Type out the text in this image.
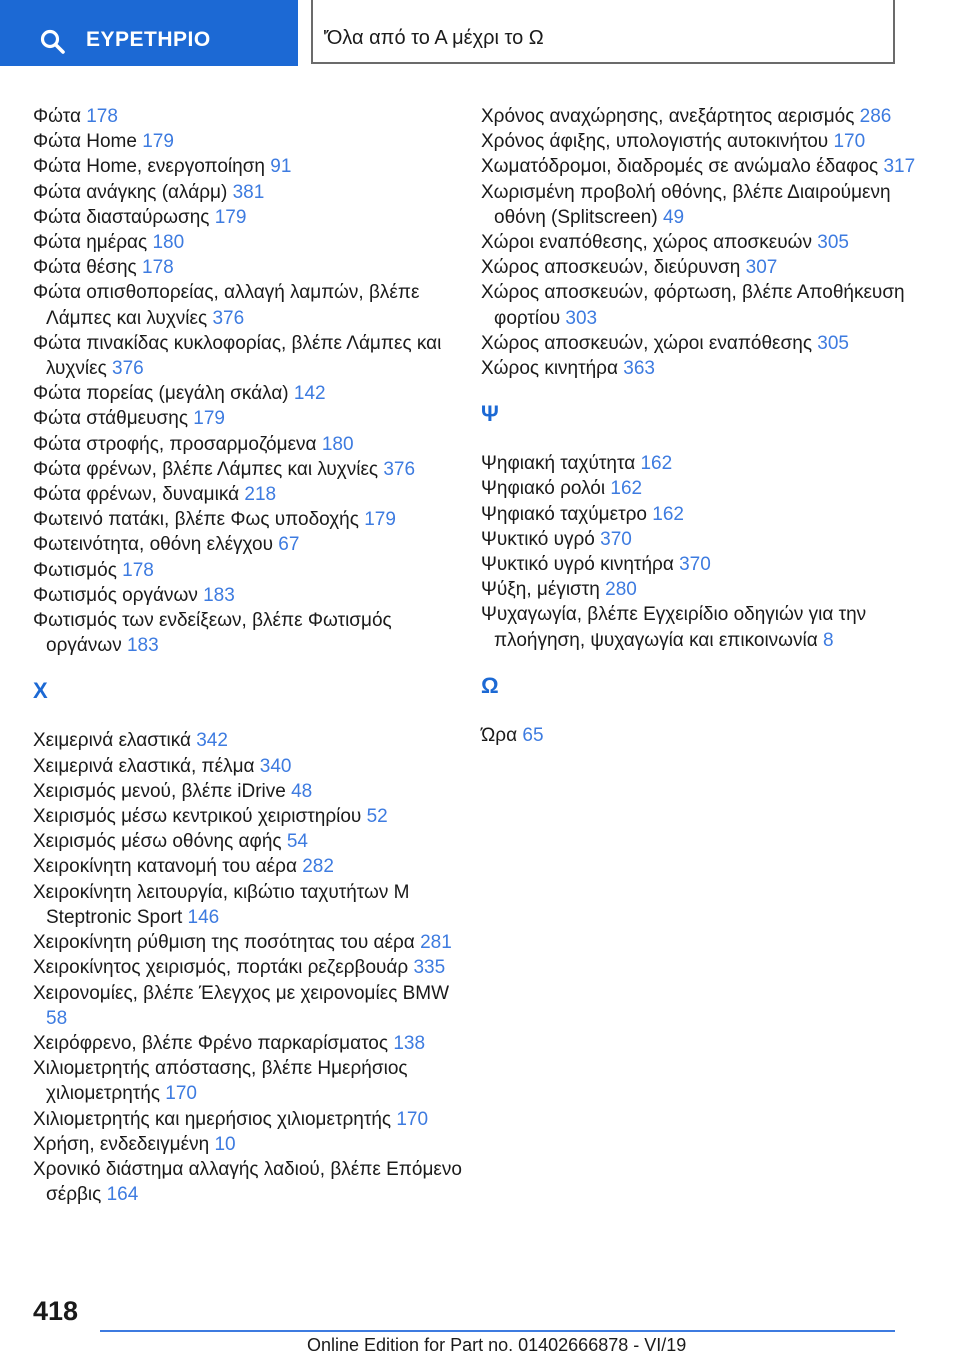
ΕΥΡΕΤΗΡΙΟ	'Όλα από το Α μέχρι το Ω

Φώτα 178

Φώτα Home 179

Φώτα Home, ενεργοποίηση 91

Φώτα ανάγκης (αλάρμ) 381

Φώτα διασταύρωσης 179

Φώτα ημέρας 180

Φώτα θέσης 178

Φώτα οπισθοπορείας, αλλαγή λαμπών, βλέπε Λάμπες και λυχνίες 376

Φώτα πινακίδας κυκλοφορίας, βλέπε Λάμπες και λυχνίες 376

Φώτα πορείας (μεγάλη σκάλα) 142

Φώτα στάθμευσης 179

Φώτα στροφής, προσαρμοζόμενα 180

Φώτα φρένων, βλέπε Λάμπες και λυχνίες 376

Φώτα φρένων, δυναμικά 218

Φωτεινό πατάκι, βλέπε Φως υποδοχής 179

Φωτεινότητα, οθόνη ελέγχου 67

Φωτισμός 178

Φωτισμός οργάνων 183

Φωτισμός των ενδείξεων, βλέπε Φωτισμός οργάνων 183

Χ

Χειμερινά ελαστικά 342

Χειμερινά ελαστικά, πέλμα 340

Χειρισμός μενού, βλέπε iDrive 48

Χειρισμός μέσω κεντρικού χειριστηρίου 52

Χειρισμός μέσω οθόνης αφής 54

Χειροκίνητη κατανομή του αέρα 282

Χειροκίνητη λειτουργία, κιβώτιο ταχυτήτων M Steptronic Sport 146

Χειροκίνητη ρύθμιση της ποσότητας του αέρα 281

Χειροκίνητος χειρισμός, πορτάκι ρεζερβουάρ 335

Χειρονομίες, βλέπε Έλεγχος με χειρονομίες BMW 58

Χειρόφρενο, βλέπε Φρένο παρκαρίσματος 138

Χιλιομετρητής απόστασης, βλέπε Ημερήσιος χιλιομετρητής 170

Χιλιομετρητής και ημερήσιος χιλιομετρητής 170

Χρήση, ενδεδειγμένη 10

Χρονικό διάστημα αλλαγής λαδιού, βλέπε Επόμενο σέρβις 164

Χρόνος αναχώρησης, ανεξάρτητος αερισμός 286

Χρόνος άφιξης, υπολογιστής αυτοκινήτου 170

Χωματόδρομοι, διαδρομές σε ανώμαλο έδαφος 317

Χωρισμένη προβολή οθόνης, βλέπε Διαιρούμενη οθόνη (Splitscreen) 49

Χώροι εναπόθεσης, χώρος αποσκευών 305

Χώρος αποσκευών, διεύρυνση 307

Χώρος αποσκευών, φόρτωση, βλέπε Αποθήκευση φορτίου 303

Χώρος αποσκευών, χώροι εναπόθεσης 305

Χώρος κινητήρα 363

Ψ

Ψηφιακή ταχύτητα 162

Ψηφιακό ρολόι 162

Ψηφιακό ταχύμετρο 162

Ψυκτικό υγρό 370

Ψυκτικό υγρό κινητήρα 370

Ψύξη, μέγιστη 280

Ψυχαγωγία, βλέπε Εγχειρίδιο οδηγιών για την πλοήγηση, ψυχαγωγία και επικοινωνία 8

Ω

Ώρα 65

418
Online Edition for Part no. 01402666878 - VI/19
